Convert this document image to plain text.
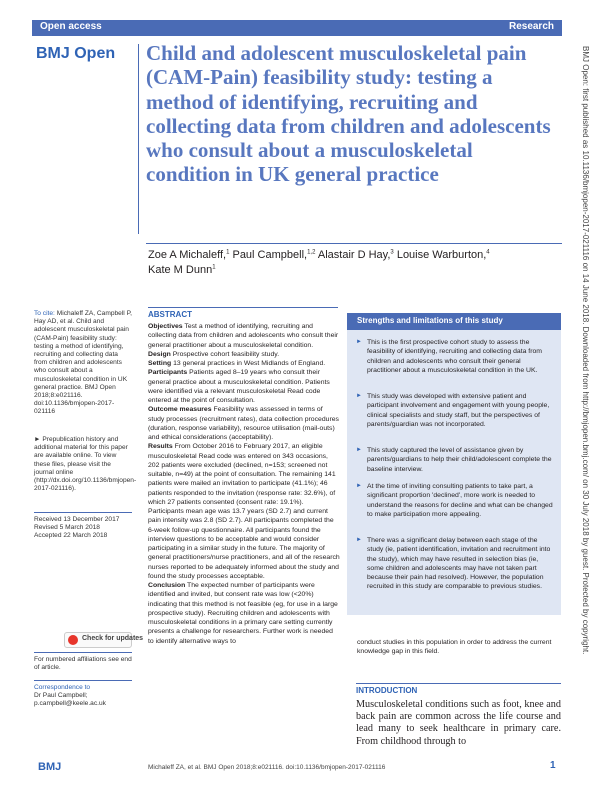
Open access	Research
BMJ Open Child and adolescent musculoskeletal pain (CAM-Pain) feasibility study: testing a method of identifying, recruiting and collecting data from children and adolescents who consult about a musculoskeletal condition in UK general practice
Zoe A Michaleff,$^1$ Paul Campbell,$^{1,2}$ Alastair D Hay,$^3$ Louise Warburton,$^4$
Kate M Dunn$^1$
To cite: Michaleff ZA, Campbell P, Hay AD, et al. Child and adolescent musculoskeletal pain (CAM-Pain) feasibility study: testing a method of identifying, recruiting and collecting data from children and adolescents who consult about a musculoskeletal condition in UK general practice. BMJ Open 2018;8:e021116. doi:10.1136/bmjopen-2017-021116
► Prepublication history and additional material for this paper are available online. To view these files, please visit the journal online (http://dx.doi.org/10.1136/bmjopen-2017-021116).
Received 13 December 2017
Revised 5 March 2018
Accepted 22 March 2018
Check for updates
For numbered affiliations see end of article.
Correspondence to
Dr Paul Campbell;
p.campbell@keele.ac.uk
ABSTRACT
Objectives Test a method of identifying, recruiting and collecting data from children and adolescents who consult their general practitioner about a musculoskeletal condition.
Design Prospective cohort feasibility study.
Setting 13 general practices in West Midlands of England.
Participants Patients aged 8–19 years who consult their general practice about a musculoskeletal condition. Patients were identified via a relevant musculoskeletal Read code entered at the point of consultation.
Outcome measures Feasibility was assessed in terms of study processes (recruitment rates), data collection procedures (duration, response variability), resource utilisation (mail-outs) and ethical considerations (acceptability).
Results From October 2016 to February 2017, an eligible musculoskeletal Read code was entered on 343 occasions, 202 patients were excluded (declined, n=153; screened not suitable, n=49) at the point of consultation. The remaining 141 patients were mailed an invitation to participate (41.1%); 46 patients responded to the invitation (response rate: 32.6%), of which 27 patients consented (consent rate: 19.1%). Participants mean age was 13.7 years (SD 2.7) and current pain intensity was 2.8 (SD 2.7). All participants completed the 6-week follow-up questionnaire. All participants found the interview questions to be acceptable and would consider participating in a similar study in the future. The majority of general practitioners/nurse practitioners, and all of the research nurses reported to be adequately informed about the study and found the study processes acceptable.
Conclusion The expected number of participants were identified and invited, but consent rate was low (<20%) indicating that this method is not feasible (eg, for use in a large prospective study). Recruiting children and adolescents with musculoskeletal conditions in a primary care setting currently presents a challenge for researchers. Further work is needed to identify alternative ways to
Strengths and limitations of this study
► This is the first prospective cohort study to assess the feasibility of identifying, recruiting and collecting data from children and adolescents who consult their general practitioner about a musculoskeletal condition in the UK.
► This study was developed with extensive patient and participant involvement and engagement with young people, clinical specialists and study staff, but the perspectives of parents/guardian was not incorporated.
► This study captured the level of assistance given by parents/guardians to help their child/adolescent complete the baseline interview.
► At the time of inviting consulting patients to take part, a significant proportion 'declined', more work is needed to understand the reasons for decline and what can be changed to make participation more appealing.
► There was a significant delay between each stage of the study (ie, patient identification, invitation and recruitment into the study), which may have resulted in selection bias (ie, some children and adolescents may have not taken part because their pain had resolved). However, the population recruited in this study are comparable to previous studies.
conduct studies in this population in order to address the current knowledge gap in this field.
INTRODUCTION
Musculoskeletal conditions such as foot, knee and back pain are common across the life course and lead many to seek healthcare in primary care. From childhood through to
BMJ Open: first published as 10.1136/bmjopen-2017-021116 on 14 June 2018. Downloaded from http://bmjopen.bmj.com/ on 30 July 2018 by guest. Protected by copyright.
BMJ	Michaleff ZA, et al. BMJ Open 2018;8:e021116. doi:10.1136/bmjopen-2017-021116	1
